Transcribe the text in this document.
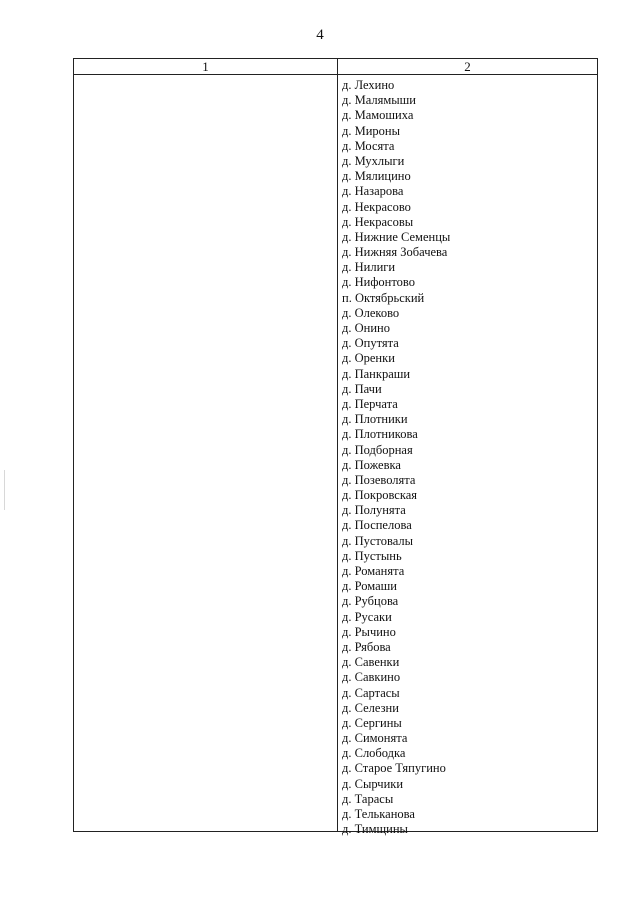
4
1	2
д. Лехино
д. Малямыши
д. Мамошиха
д. Мироны
д. Мосята
д. Мухлыги
д. Мялицино
д. Назарова
д. Некрасово
д. Некрасовы
д. Нижние Семенцы
д. Нижняя Зобачева
д. Нилиги
д. Нифонтово
п. Октябрьский
д. Олеково
д. Онино
д. Опутята
д. Оренки
д. Панкраши
д. Пачи
д. Перчата
д. Плотники
д. Плотникова
д. Подборная
д. Пожевка
д. Позеволята
д. Покровская
д. Полунята
д. Поспелова
д. Пустовалы
д. Пустынь
д. Романята
д. Ромаши
д. Рубцова
д. Русаки
д. Рычино
д. Рябова
д. Савенки
д. Савкино
д. Сартасы
д. Селезни
д. Сергины
д. Симонята
д. Слободка
д. Старое Тяпугино
д. Сырчики
д. Тарасы
д. Тельканова
д. Тимщины
